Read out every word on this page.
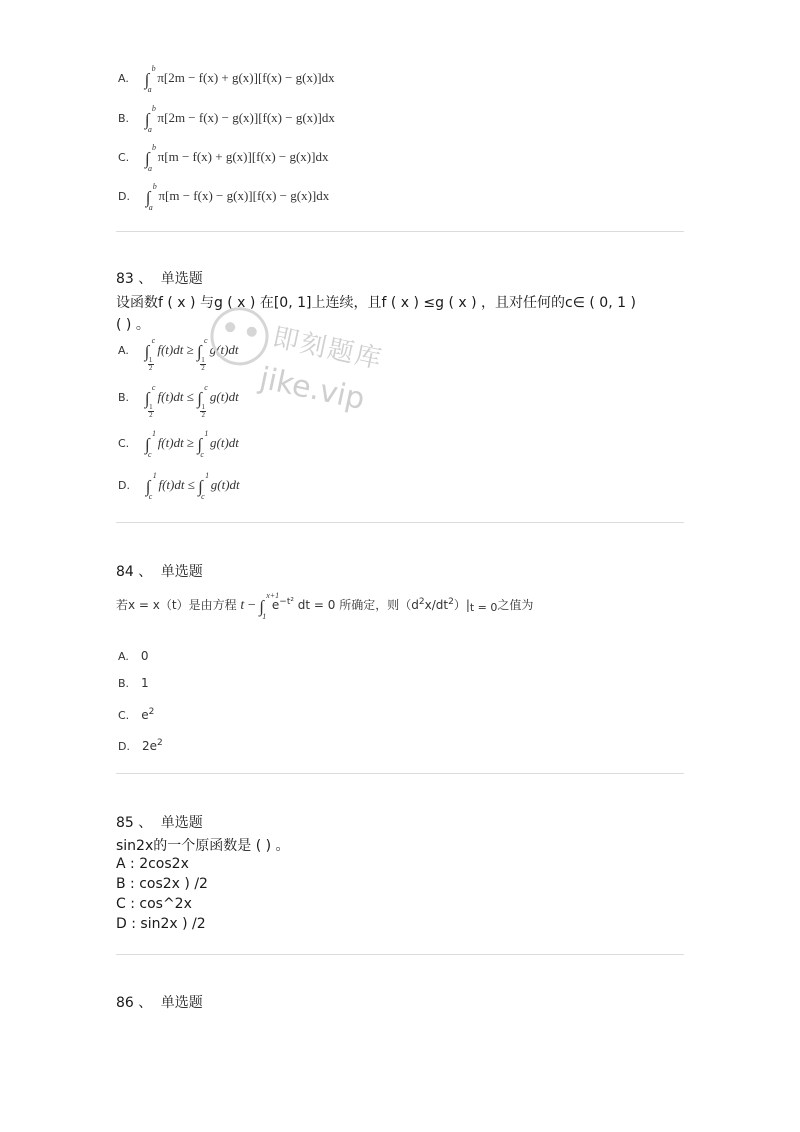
A. ∫
b
a
π[2m − f(x) + g(x)][f(x) − g(x)]dx
B. ∫
b
a
π[2m − f(x) − g(x)][f(x) − g(x)]dx
C. ∫
b
a
π[m − f(x) + g(x)][f(x) − g(x)]dx
D. ∫
b
a
π[m − f(x) − g(x)][f(x) − g(x)]dx
83 、 单选题
设函数f ( x ) 与g ( x ) 在[0, 1]上连续，且f ( x ) ≤g ( x ) ，且对任何的c∈ ( 0, 1 )
( ) 。
A. ∫
c
1
2
f(t)dt ≥ ∫
c
1
2
g(t)dt
B. ∫
c
1
2
f(t)dt ≤ ∫
c
1
2
g(t)dt
C. ∫
1
c
f(t)dt ≥ ∫
1
c
g(t)dt
D. ∫
1
c
f(t)dt ≤ ∫
1
c
g(t)dt
即刻题库
jike.vip
84 、 单选题
若x = x（t）是由方程 t − ∫
x+1
1
$e^{-t^2}$ dt = 0 所确定，则$(d^2x/dt^2)|t = 0$之值为
A. 0
B. 1
C. $e^2$
D. $2e^2$
85 、 单选题
sin2x的一个原函数是 ( ) 。
A : 2cos2x
B : cos2x ) /2
C : cos^2x
D : sin2x ) /2
86 、 单选题
